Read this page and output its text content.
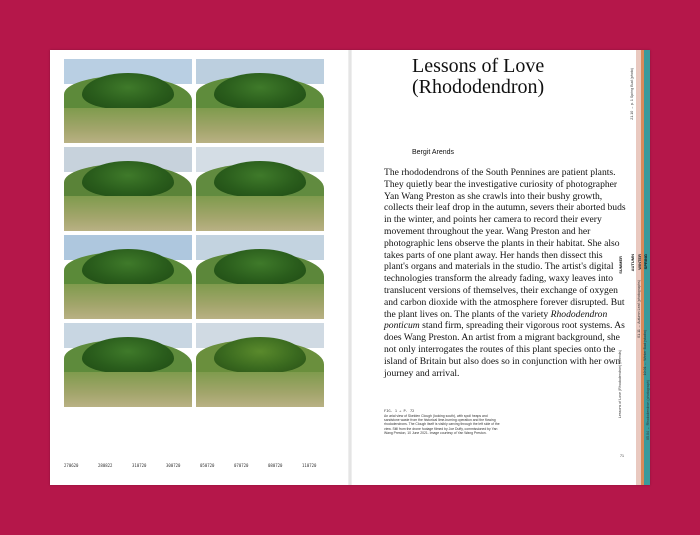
270620	280822	310720	300720	050720	070720	080720	110720
Lessons of Love
(Rhododendron)
Bergit Arends

The rhododendrons of the South Pennines are patient plants. They quietly bear the investigative curiosity of photographer Yan Wang Preston as she crawls into their bushy growth, collects their leaf drop in the autumn, severs their aborted buds in the winter, and points her camera to record their every movement throughout the year. Wang Preston and her photographic lens observe the plants in their habitat. She also takes parts of one plant away. Her hands then dissect this plant's organs and materials in the studio. The artist's digital technologies transform the already fading, waxy leaves into translucent versions of themselves, their exchange of oxygen and carbon dioxide with the atmosphere forever disrupted. But the plant lives on. The plants of the variety Rhododendron ponticum stand firm, spreading their vigorous root systems. As does Wang Preston. An artist from a migrant background, she not only interrogates the routes of this plant species onto the island of Britain but also does so in conjunction with her own journey and arrival.

FIG. 1 → P. 72

An arial view of Skelden Clough (looking south), with spoil heaps and sandstone waste from the historical lime-burning operation and the flowing rhododendrons. The Clough itself is visibly carving through the left side of the view. Still from the drone footage filmed by Joe Duffy, commissioned by Yan Wang Preston, 10 June 2021. Image courtesy of Yan Wang Preston.

SUMMER AUTUMN WINTER SPRING
Lessons of Love (Rhododendron) (Arends)
21.10 → p. 1 Spring Bud (photo)
01.11 ← Autumn Leaf (photographs)
10.01 ← Winter Bud (studio)
05.04 ← Rhododendron (photograph)
71
